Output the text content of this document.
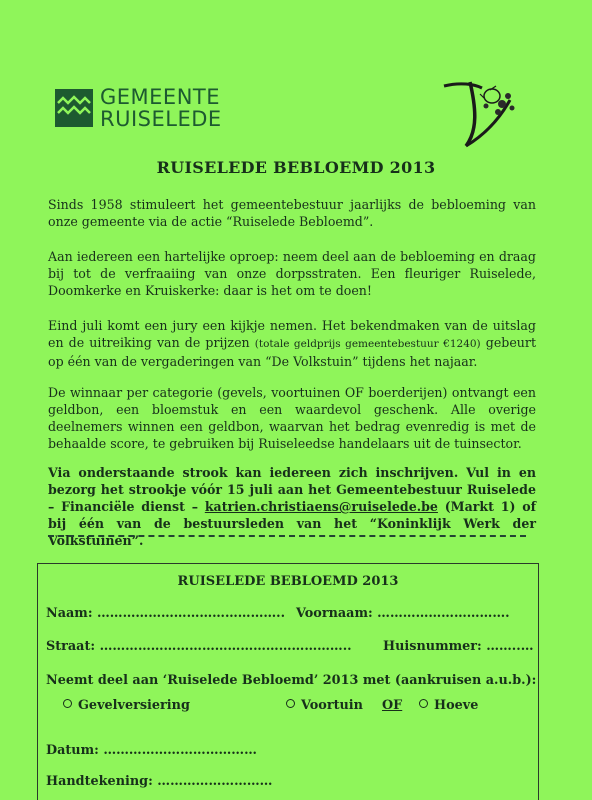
GEMEENTE
RUISELEDE
RUISELEDE BEBLOEMD 2013
Sinds 1958 stimuleert het gemeentebestuur jaarlijks de bebloeming van onze gemeente via de actie “Ruiselede Bebloemd”.
Aan iedereen een hartelijke oproep: neem deel aan de bebloeming en draag bij tot de verfraaiing van onze dorpsstraten. Een fleuriger Ruiselede, Doomkerke en Kruiskerke: daar is het om te doen!
Eind juli komt een jury een kijkje nemen. Het bekendmaken van de uitslag en de uitreiking van de prijzen (totale geldprijs gemeentebestuur €1240) gebeurt op één van de vergaderingen van “De Volkstuin” tijdens het najaar.
De winnaar per categorie (gevels, voortuinen OF boerderijen) ontvangt een geldbon, een bloemstuk en een waardevol geschenk. Alle overige deelnemers winnen een geldbon, waarvan het bedrag evenredig is met de behaalde score, te gebruiken bij Ruiseleedse handelaars uit de tuinsector.
Via onderstaande strook kan iedereen zich inschrijven. Vul in en bezorg het strookje vóór 15 juli aan het Gemeentebestuur Ruiselede – Financiële dienst – katrien.christiaens@ruiselede.be (Markt 1) of bij één van de bestuursleden van het “Koninklijk Werk der Volkstuinen”.
RUISELEDE BEBLOEMD 2013
Naam: …………………………………….. Voornaam: ………………………….
Straat: ………………………………………………….. Huisnummer: ……..…
Neemt deel aan ‘Ruiselede Bebloemd’ 2013 met (aankruisen a.u.b.):
Gevelversiering	Voortuin OF	Hoeve
Datum: ………………………………
Handtekening: ………………………
